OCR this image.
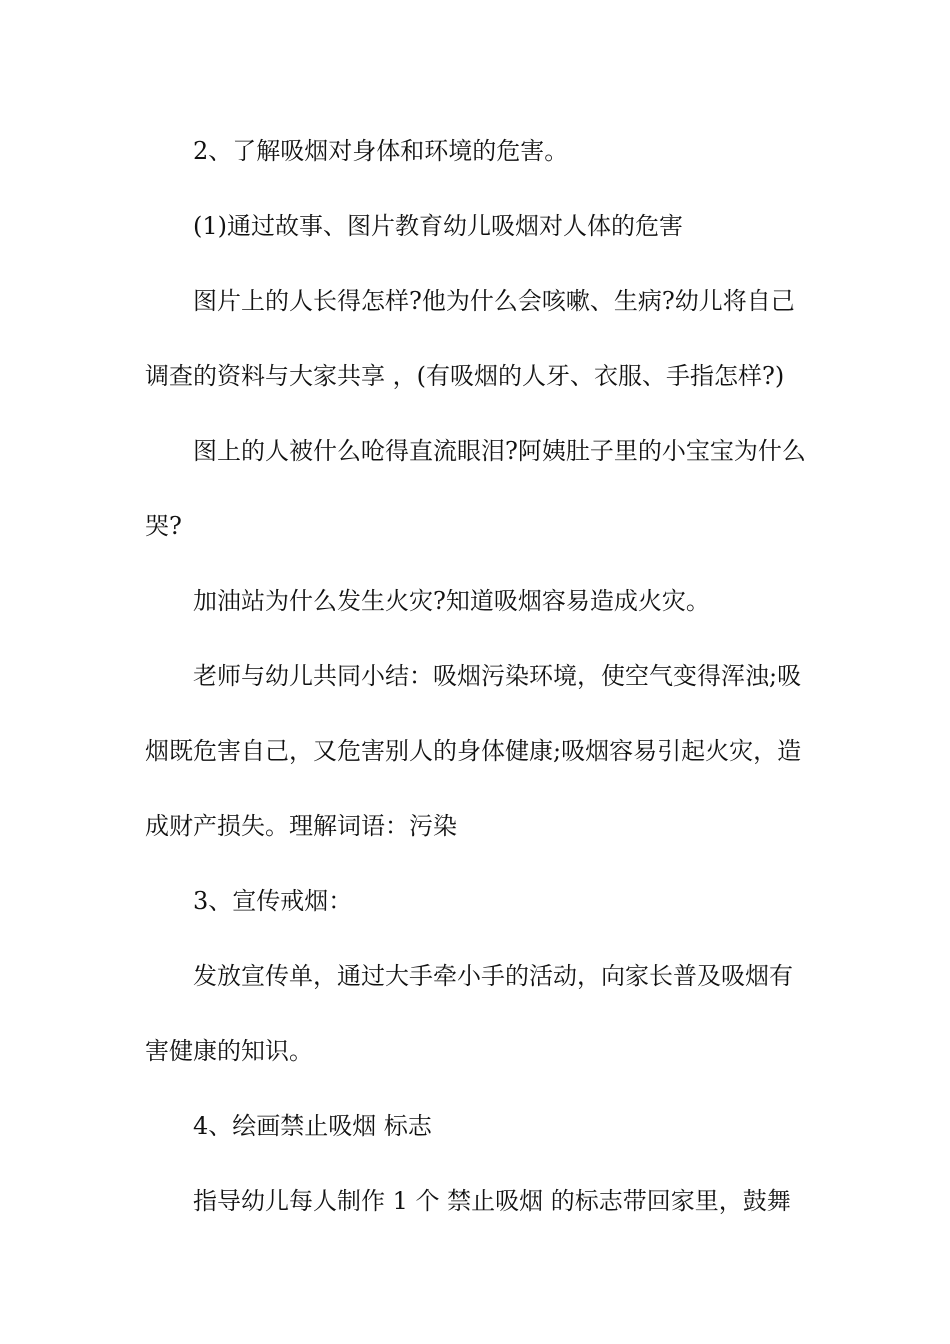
2、了解吸烟对身体和环境的危害。

(1)通过故事、图片教育幼儿吸烟对人体的危害

图片上的人长得怎样?他为什么会咳嗽、生病?幼儿将自己

调查的资料与大家共享 ，(有吸烟的人牙、衣服、手指怎样?)

图上的人被什么呛得直流眼泪?阿姨肚子里的小宝宝为什么

哭?

加油站为什么发生火灾?知道吸烟容易造成火灾。

老师与幼儿共同小结：吸烟污染环境，使空气变得浑浊;吸

烟既危害自己，又危害别人的身体健康;吸烟容易引起火灾，造

成财产损失。理解词语：污染

3、宣传戒烟：

发放宣传单，通过大手牵小手的活动，向家长普及吸烟有

害健康的知识。

4、绘画禁止吸烟 标志

指导幼儿每人制作 1 个 禁止吸烟 的标志带回家里，鼓舞
